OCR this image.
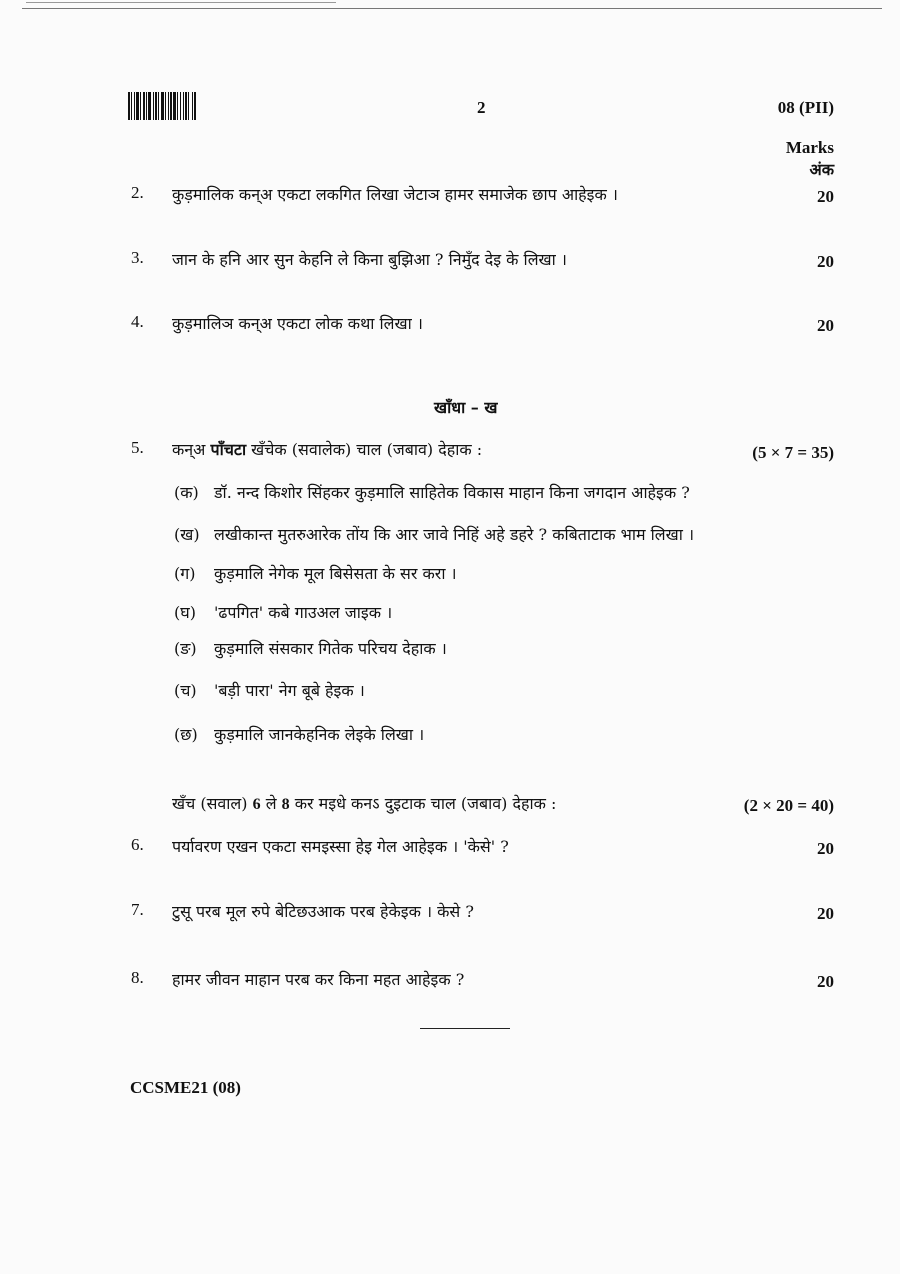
2	08 (PII)
Marks
अंक
2. कुड़मालिक कन्अ एकटा लकगित लिखा जेटाञ हामर समाजेक छाप आहेइक ।	20
3. जान के हनि आर सुन केहनि ले किना बुझिआ ? निमुँद देइ के लिखा ।	20
4. कुड़मालिञ कन्अ एकटा लोक कथा लिखा ।	20
खाँधा – ख
5. कन्अ पाँचटा खँचेक (सवालेक) चाल (जबाव) देहाक :	(5 × 7 = 35)
(क) डॉ. नन्द किशोर सिंहकर कुड़मालि साहितेक विकास माहान किना जगदान आहेइक ?
(ख) लखीकान्त मुतरुआरेक तोंय कि आर जावे निहिं अहे डहरे ? कबिताटाक भाम लिखा ।
(ग) कुड़मालि नेगेक मूल बिसेसता के सर करा ।
(घ) 'ढपगित' कबे गाउअल जाइक ।
(ङ) कुड़मालि संसकार गितेक परिचय देहाक ।
(च) 'बड़ी पारा' नेग बूबे हेइक ।
(छ) कुड़मालि जानकेहनिक लेइके लिखा ।
खँच (सवाल) 6 ले 8 कर मइधे कनऽ दुइटाक चाल (जबाव) देहाक :	(2 × 20 = 40)
6. पर्यावरण एखन एकटा समइस्सा हेइ गेल आहेइक । 'केसे' ?	20
7. टुसू परब मूल रुपे बेटिछउआक परब हेकेइक । केसे ?	20
8. हामर जीवन माहान परब कर किना महत आहेइक ?	20
CCSME21 (08)
